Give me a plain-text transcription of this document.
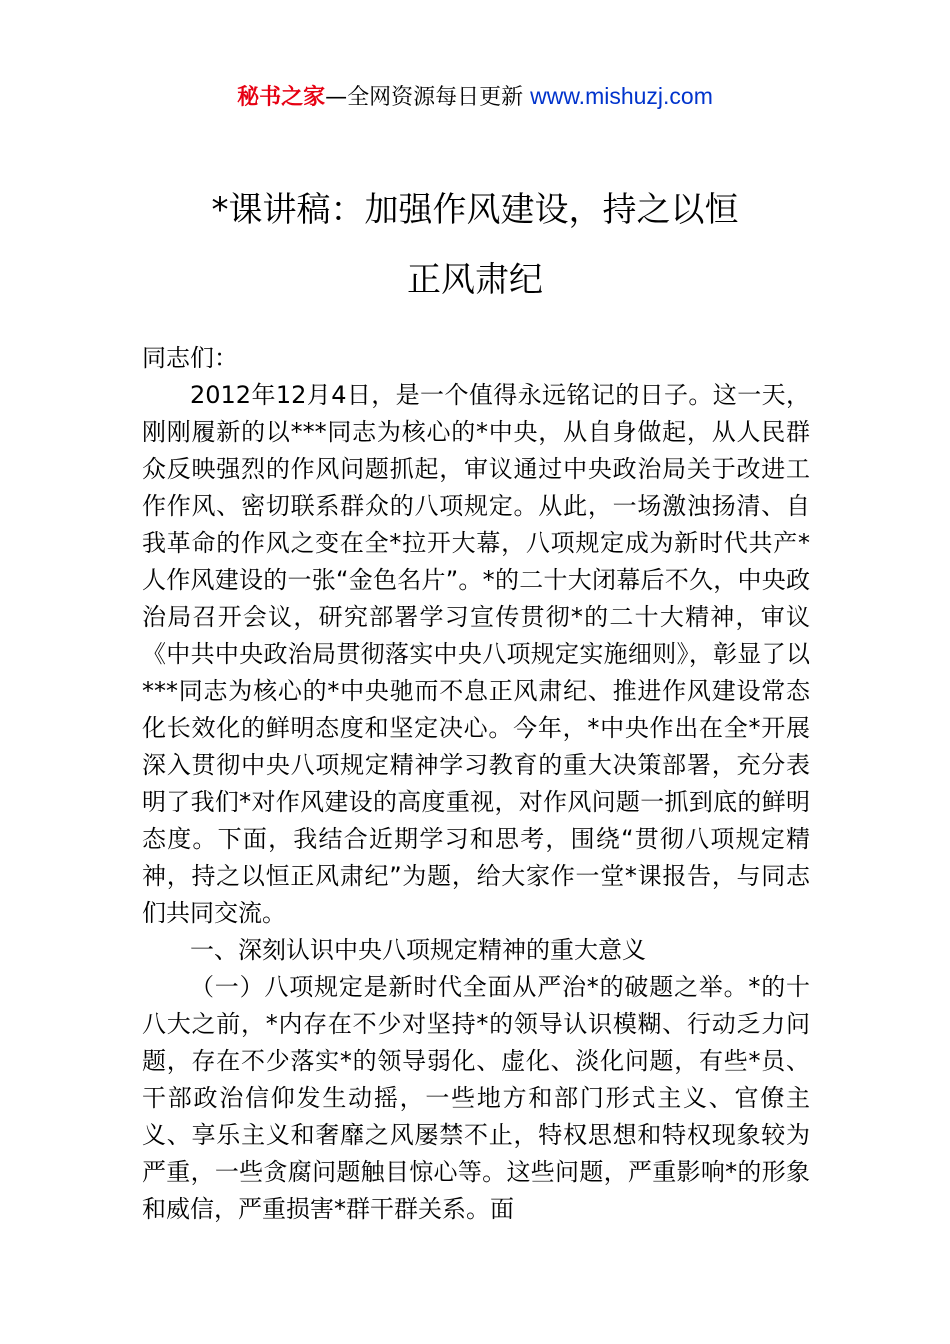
秘书之家—全网资源每日更新 www.mishuzj.com
*课讲稿：加强作风建设，持之以恒
正风肃纪

同志们：

2012年12月4日，是一个值得永远铭记的日子。这一天，刚刚履新的以***同志为核心的*中央，从自身做起，从人民群众反映强烈的作风问题抓起，审议通过中央政治局关于改进工作作风、密切联系群众的八项规定。从此，一场激浊扬清、自我革命的作风之变在全*拉开大幕，八项规定成为新时代共产*人作风建设的一张“金色名片”。*的二十大闭幕后不久，中央政治局召开会议，研究部署学习宣传贯彻*的二十大精神，审议《中共中央政治局贯彻落实中央八项规定实施细则》，彰显了以***同志为核心的*中央驰而不息正风肃纪、推进作风建设常态化长效化的鲜明态度和坚定决心。今年，*中央作出在全*开展深入贯彻中央八项规定精神学习教育的重大决策部署，充分表明了我们*对作风建设的高度重视，对作风问题一抓到底的鲜明态度。下面，我结合近期学习和思考，围绕“贯彻八项规定精神，持之以恒正风肃纪”为题，给大家作一堂*课报告，与同志们共同交流。

一、深刻认识中央八项规定精神的重大意义

（一）八项规定是新时代全面从严治*的破题之举。*的十八大之前，*内存在不少对坚持*的领导认识模糊、行动乏力问题，存在不少落实*的领导弱化、虚化、淡化问题，有些*员、干部政治信仰发生动摇，一些地方和部门形式主义、官僚主义、享乐主义和奢靡之风屡禁不止，特权思想和特权现象较为严重，一些贪腐问题触目惊心等。这些问题，严重影响*的形象和威信，严重损害*群干群关系。面
